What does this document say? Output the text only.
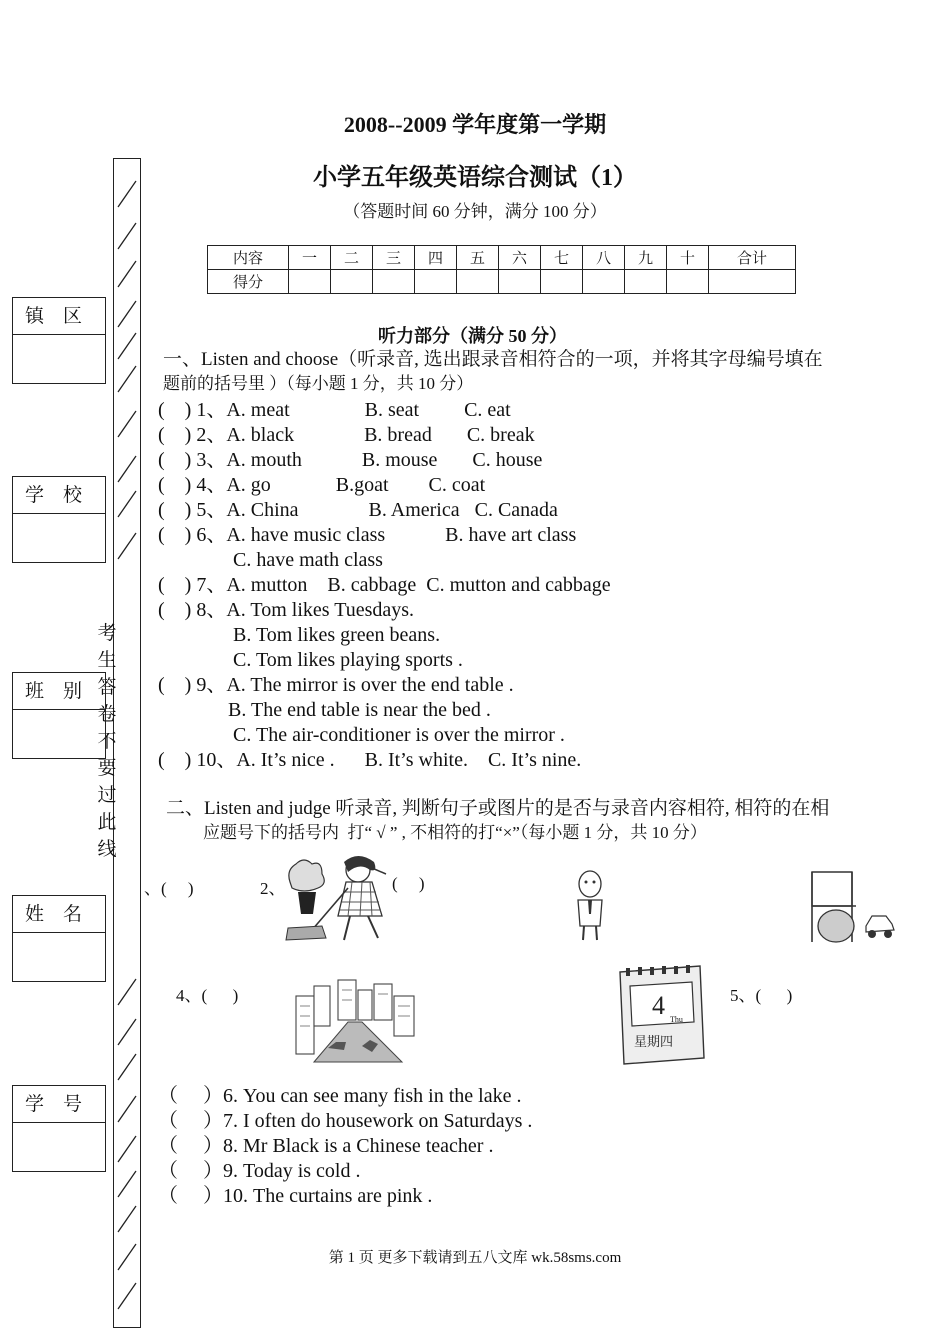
2008--2009 学年度第一学期
小学五年级英语综合测试（1）
（答题时间 60 分钟，满分 100 分）
内容	一	二	三	四	五	六	七	八	九	十	合计
得分											
考生答卷不要过此线
镇　区
学　校
班　别
姓　名
学　号
听力部分（满分 50 分）
一、Listen and choose（听录音, 选出跟录音相符合的一项，并将其字母编号填在
题前的括号里 ）（每小题 1 分，共 10 分）
(    ) 1、A. meat               B. seat         C. eat
(    ) 2、A. black              B. bread       C. break
(    ) 3、A. mouth            B. mouse       C. house
(    ) 4、A. go             B.goat        C. coat
(    ) 5、A. China              B. America   C. Canada
(    ) 6、A. have music class            B. have art class
C. have math class
(    ) 7、A. mutton    B. cabbage  C. mutton and cabbage
(    ) 8、A. Tom likes Tuesdays.
B. Tom likes green beans.
C. Tom likes playing sports .
(    ) 9、A. The mirror is over the end table .
B. The end table is near the bed .
C. The air-conditioner is over the mirror .
(    ) 10、A. It’s nice .      B. It’s white.    C. It’s nine.
二、Listen and judge 听录音, 判断句子或图片的是否与录音内容相符, 相符的在相
应题号下的括号内  打“ √ ” , 不相符的打“×”（每小题 1 分，共 10 分）
、(     )	2、	(     )
4、(      )	5、(      )
4 Thu
星期四
（     ）6. You can see many fish in the lake .
（     ）7. I often do housework on Saturdays .
（     ）8. Mr Black is a Chinese teacher .
（     ）9. Today is cold .
（     ）10. The curtains are pink .
第 1 页 更多下载请到五八文库 wk.58sms.com
